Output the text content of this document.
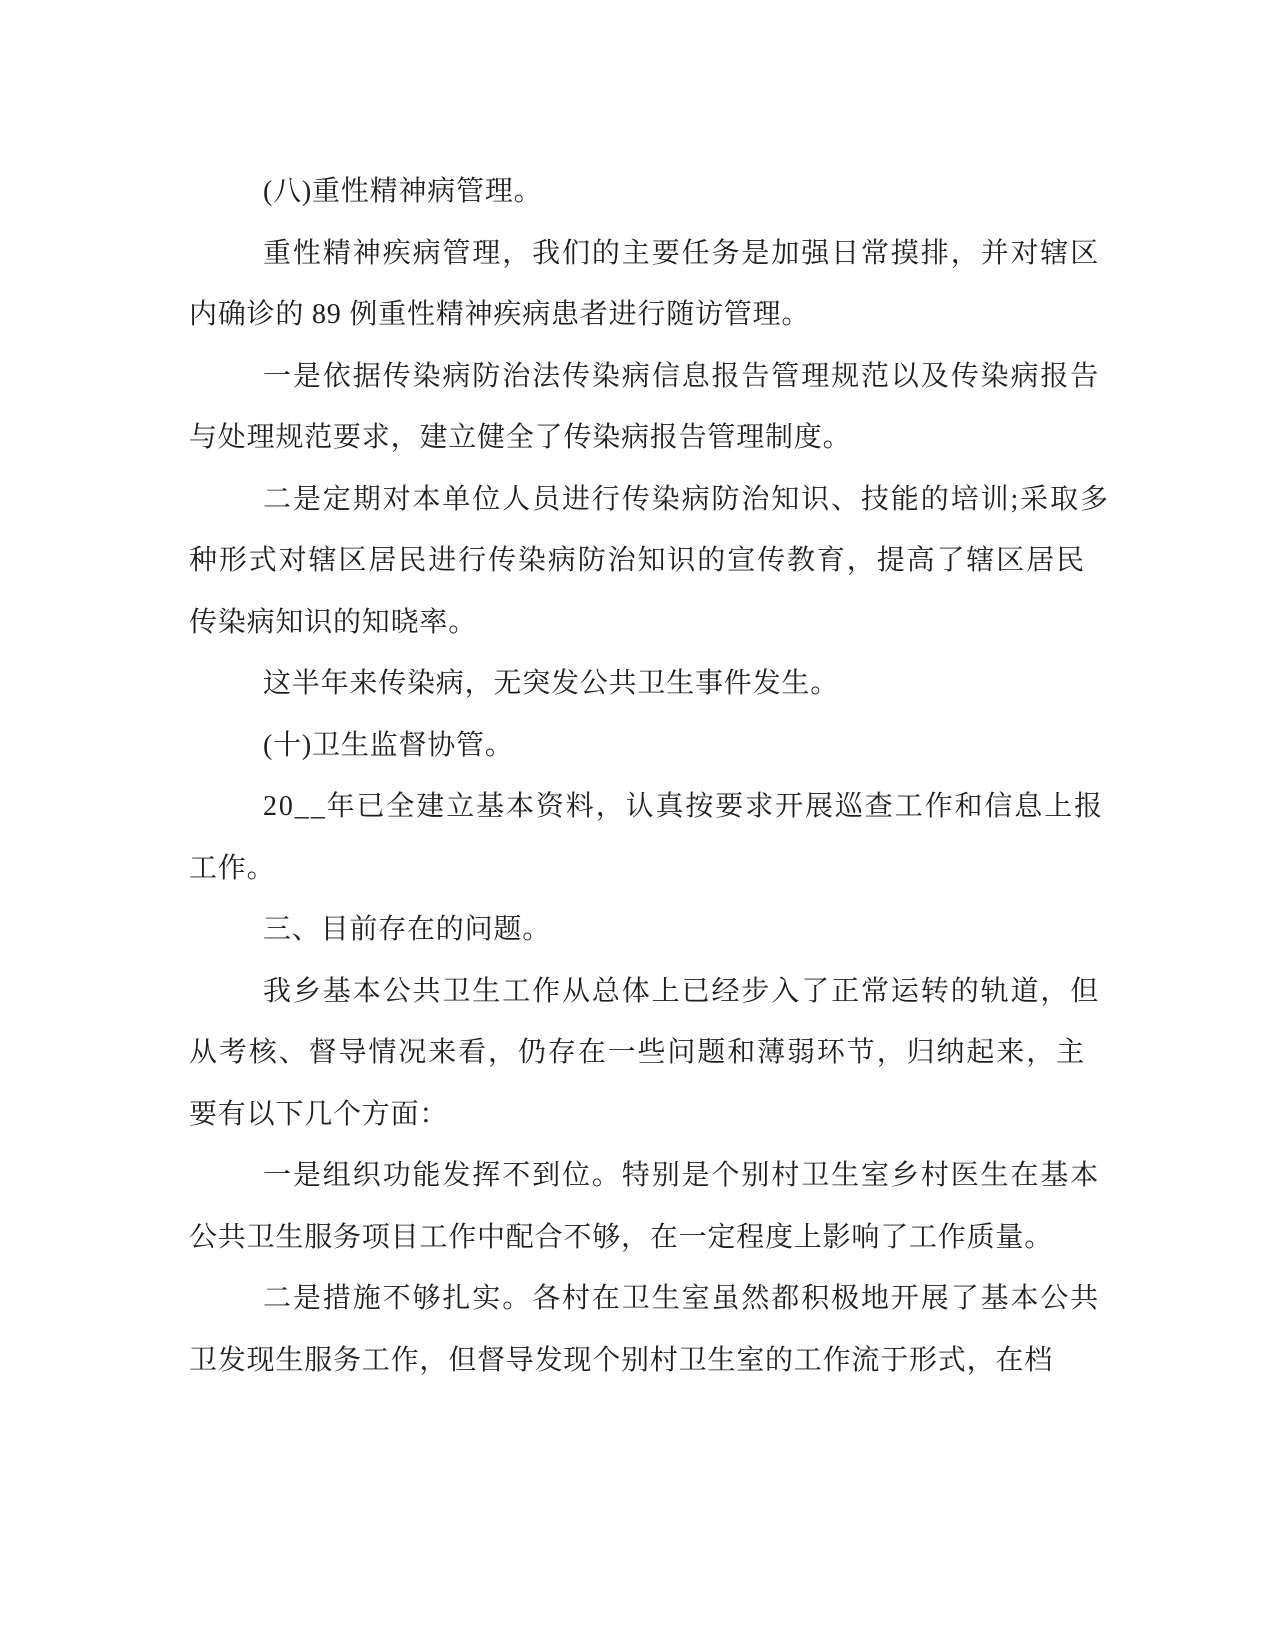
(八)重性精神病管理。
重性精神疾病管理，我们的主要任务是加强日常摸排，并对辖区
内确诊的 89 例重性精神疾病患者进行随访管理。
一是依据传染病防治法传染病信息报告管理规范以及传染病报告
与处理规范要求，建立健全了传染病报告管理制度。
二是定期对本单位人员进行传染病防治知识、技能的培训;采取多
种形式对辖区居民进行传染病防治知识的宣传教育，提高了辖区居民
传染病知识的知晓率。
这半年来传染病，无突发公共卫生事件发生。
(十)卫生监督协管。
20__年已全建立基本资料，认真按要求开展巡查工作和信息上报
工作。
三、目前存在的问题。
我乡基本公共卫生工作从总体上已经步入了正常运转的轨道，但
从考核、督导情况来看，仍存在一些问题和薄弱环节，归纳起来，主
要有以下几个方面：
一是组织功能发挥不到位。特别是个别村卫生室乡村医生在基本
公共卫生服务项目工作中配合不够，在一定程度上影响了工作质量。
二是措施不够扎实。各村在卫生室虽然都积极地开展了基本公共
卫发现生服务工作，但督导发现个别村卫生室的工作流于形式，在档
